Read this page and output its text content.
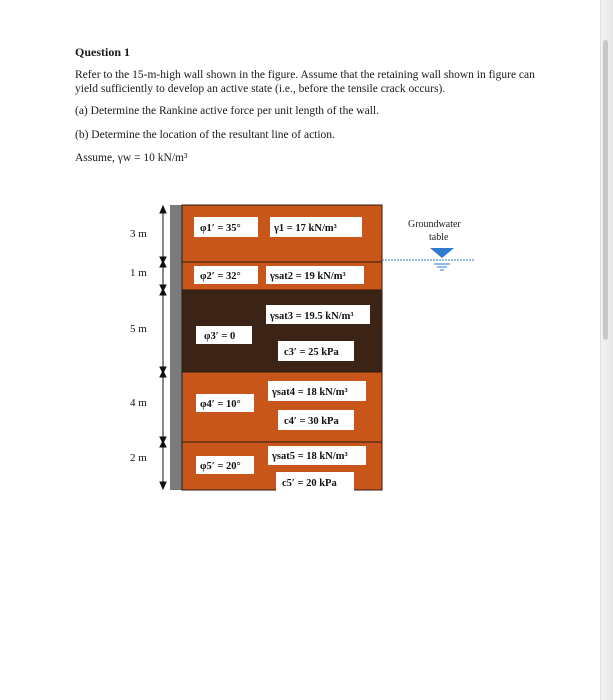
Question 1
Refer to the 15-m-high wall shown in the figure. Assume that the retaining wall shown in figure can yield sufficiently to develop an active state (i.e., before the tensile crack occurs).
(a) Determine the Rankine active force per unit length of the wall.
(b) Determine the location of the resultant line of action.
Assume, γw = 10 kN/m³
3 m
1 m
5 m
4 m
2 m
φ1′ = 35°	γ1 = 17 kN/m³
φ2′ = 32°	γsat2 = 19 kN/m³
γsat3 = 19.5 kN/m³
φ3′ = 0
c3′ = 25 kPa
γsat4 = 18 kN/m³
φ4′ = 10°
c4′ = 30 kPa
γsat5 = 18 kN/m³
φ5′ = 20°
c5′ = 20 kPa
Groundwater
table
